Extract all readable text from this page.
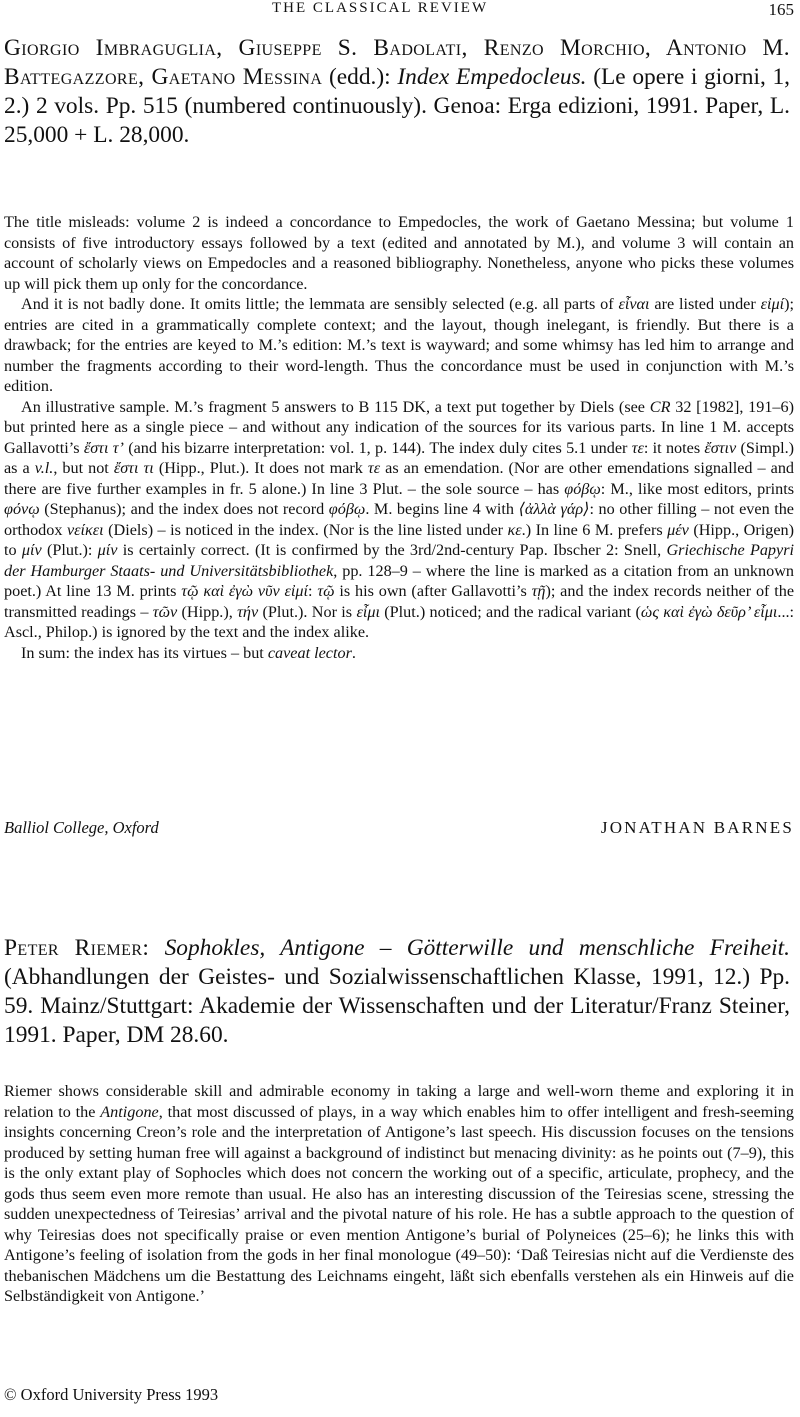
THE CLASSICAL REVIEW	165
Giorgio Imbraguglia, Giuseppe S. Badolati, Renzo Morchio, Antonio M. Battegazzore, Gaetano Messina (edd.): Index Empedocleus. (Le opere i giorni, 1, 2.) 2 vols. Pp. 515 (numbered continuously). Genoa: Erga edizioni, 1991. Paper, L. 25,000 + L. 28,000.

The title misleads: volume 2 is indeed a concordance to Empedocles, the work of Gaetano Messina; but volume 1 consists of five introductory essays followed by a text (edited and annotated by M.), and volume 3 will contain an account of scholarly views on Empedocles and a reasoned bibliography. Nonetheless, anyone who picks these volumes up will pick them up only for the concordance.

And it is not badly done. It omits little; the lemmata are sensibly selected (e.g. all parts of εἶναι are listed under εἰμί); entries are cited in a grammatically complete context; and the layout, though inelegant, is friendly. But there is a drawback; for the entries are keyed to M.’s edition: M.’s text is wayward; and some whimsy has led him to arrange and number the fragments according to their word-length. Thus the concordance must be used in conjunction with M.’s edition.

An illustrative sample. M.’s fragment 5 answers to B 115 DK, a text put together by Diels (see CR 32 [1982], 191–6) but printed here as a single piece – and without any indication of the sources for its various parts. In line 1 M. accepts Gallavotti’s ἔστι τ’ (and his bizarre interpretation: vol. 1, p. 144). The index duly cites 5.1 under τε: it notes ἔστιν (Simpl.) as a v.l., but not ἔστι τι (Hipp., Plut.). It does not mark τε as an emendation. (Nor are other emendations signalled – and there are five further examples in fr. 5 alone.) In line 3 Plut. – the sole source – has φόβῳ: M., like most editors, prints φόνῳ (Stephanus); and the index does not record φόβῳ. M. begins line 4 with ⟨ἀλλὰ γάρ⟩: no other filling – not even the orthodox νείκει (Diels) – is noticed in the index. (Nor is the line listed under κε.) In line 6 M. prefers μέν (Hipp., Origen) to μίν (Plut.): μίν is certainly correct. (It is confirmed by the 3rd/2nd-century Pap. Ibscher 2: Snell, Griechische Papyri der Hamburger Staats- und Universitätsbibliothek, pp. 128–9 – where the line is marked as a citation from an unknown poet.) At line 13 M. prints τῷ καὶ ἐγὼ νῦν εἰμί: τῷ is his own (after Gallavotti’s τῇ); and the index records neither of the transmitted readings – τῶν (Hipp.), τήν (Plut.). Nor is εἶμι (Plut.) noticed; and the radical variant (ὡς καὶ ἐγὼ δεῦρ’ εἶμι...: Ascl., Philop.) is ignored by the text and the index alike.

In sum: the index has its virtues – but caveat lector.

Balliol College, Oxford	JONATHAN BARNES
Peter Riemer: Sophokles, Antigone – Götterwille und menschliche Freiheit. (Abhandlungen der Geistes- und Sozialwissenschaftlichen Klasse, 1991, 12.) Pp. 59. Mainz/Stuttgart: Akademie der Wissenschaften und der Literatur/Franz Steiner, 1991. Paper, DM 28.60.

Riemer shows considerable skill and admirable economy in taking a large and well-worn theme and exploring it in relation to the Antigone, that most discussed of plays, in a way which enables him to offer intelligent and fresh-seeming insights concerning Creon’s role and the interpretation of Antigone’s last speech. His discussion focuses on the tensions produced by setting human free will against a background of indistinct but menacing divinity: as he points out (7–9), this is the only extant play of Sophocles which does not concern the working out of a specific, articulate, prophecy, and the gods thus seem even more remote than usual. He also has an interesting discussion of the Teiresias scene, stressing the sudden unexpectedness of Teiresias’ arrival and the pivotal nature of his role. He has a subtle approach to the question of why Teiresias does not specifically praise or even mention Antigone’s burial of Polyneices (25–6); he links this with Antigone’s feeling of isolation from the gods in her final monologue (49–50): ‘Daß Teiresias nicht auf die Verdienste des thebanischen Mädchens um die Bestattung des Leichnams eingeht, läßt sich ebenfalls verstehen als ein Hinweis auf die Selbständigkeit von Antigone.’

© Oxford University Press 1993
